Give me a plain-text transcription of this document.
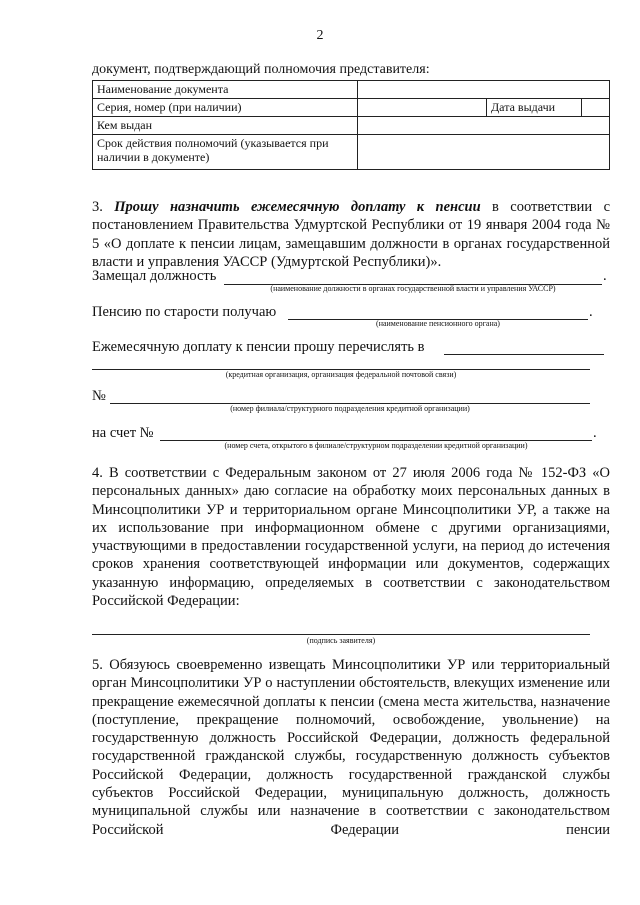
2
документ, подтверждающий полномочия представителя:
Наименование документа			
Серия, номер (при наличии)		Дата выдачи	
Кем выдан			
Срок действия полномочий (указывается при
наличии в документе)			
3. Прошу назначить ежемесячную доплату к пенсии в соответствии с постановлением Правительства Удмуртской Республики от 19 января 2004 года № 5 «О доплате к пенсии лицам, замещавшим должности в органах государственной власти и управления УАССР (Удмуртской Республики)».
Замещал должность	.
(наименование должности в органах государственной власти и управления УАССР)
Пенсию по старости получаю	.
(наименование пенсионного органа)
Ежемесячную доплату к пенсии прошу перечислять в
(кредитная организация, организация федеральной почтовой связи)
№
(номер филиала/структурного подразделения кредитной организации)
на счет №	.
(номер счета, открытого в филиале/структурном подразделении кредитной организации)
4. В соответствии с Федеральным законом от 27 июля 2006 года № 152-ФЗ «О персональных данных» даю согласие на обработку моих персональных данных в Минсоцполитики УР и территориальном органе Минсоцполитики УР, а также на их использование при информационном обмене с другими организациями, участвующими в предоставлении государственной услуги, на период до истечения сроков хранения соответствующей информации или документов, содержащих указанную информацию, определяемых в соответствии с законодательством Российской Федерации:
(подпись заявителя)
5. Обязуюсь своевременно извещать Минсоцполитики УР или территориальный орган Минсоцполитики УР о наступлении обстоятельств, влекущих изменение или прекращение ежемесячной доплаты к пенсии (смена места жительства, назначение (поступление, прекращение полномочий, освобождение, увольнение) на государственную должность Российской Федерации, должность федеральной государственной гражданской службы, государственную должность субъектов Российской Федерации, должность государственной гражданской службы субъектов Российской Федерации, муниципальную должность, должность муниципальной службы или назначение в соответствии с законодательством Российской Федерации пенсии
